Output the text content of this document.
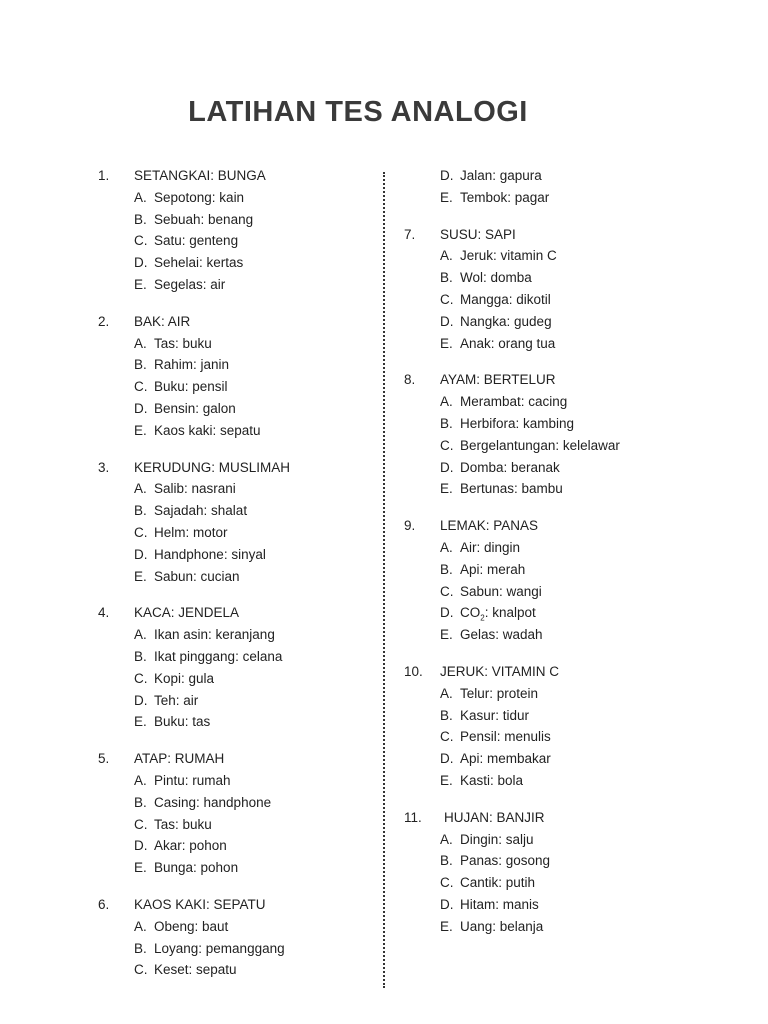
LATIHAN TES ANALOGI
1.	SETANGKAI: BUNGA
A. Sepotong: kain
B. Sebuah: benang
C. Satu: genteng
D. Sehelai: kertas
E. Segelas: air
2.	BAK: AIR
A. Tas: buku
B. Rahim: janin
C. Buku: pensil
D. Bensin: galon
E. Kaos kaki: sepatu
3.	KERUDUNG: MUSLIMAH
A. Salib: nasrani
B. Sajadah: shalat
C. Helm: motor
D. Handphone: sinyal
E. Sabun: cucian
4.	KACA: JENDELA
A. Ikan asin: keranjang
B. Ikat pinggang: celana
C. Kopi: gula
D. Teh: air
E. Buku: tas
5.	ATAP: RUMAH
A. Pintu: rumah
B. Casing: handphone
C. Tas: buku
D. Akar: pohon
E. Bunga: pohon
6.	KAOS KAKI: SEPATU
A. Obeng: baut
B. Loyang: pemanggang
C. Keset: sepatu
D. Jalan: gapura
E. Tembok: pagar
7.	SUSU: SAPI
A. Jeruk: vitamin C
B. Wol: domba
C. Mangga: dikotil
D. Nangka: gudeg
E. Anak: orang tua
8.	AYAM: BERTELUR
A. Merambat: cacing
B. Herbifora: kambing
C. Bergelantungan: kelelawar
D. Domba: beranak
E. Bertunas: bambu
9.	LEMAK: PANAS
A. Air: dingin
B. Api: merah
C. Sabun: wangi
D. $CO_2$: knalpot
E. Gelas: wadah
10.	JERUK: VITAMIN C
A. Telur: protein
B. Kasur: tidur
C. Pensil: menulis
D. Api: membakar
E. Kasti: bola
11.	HUJAN: BANJIR
A. Dingin: salju
B. Panas: gosong
C. Cantik: putih
D. Hitam: manis
E. Uang: belanja
